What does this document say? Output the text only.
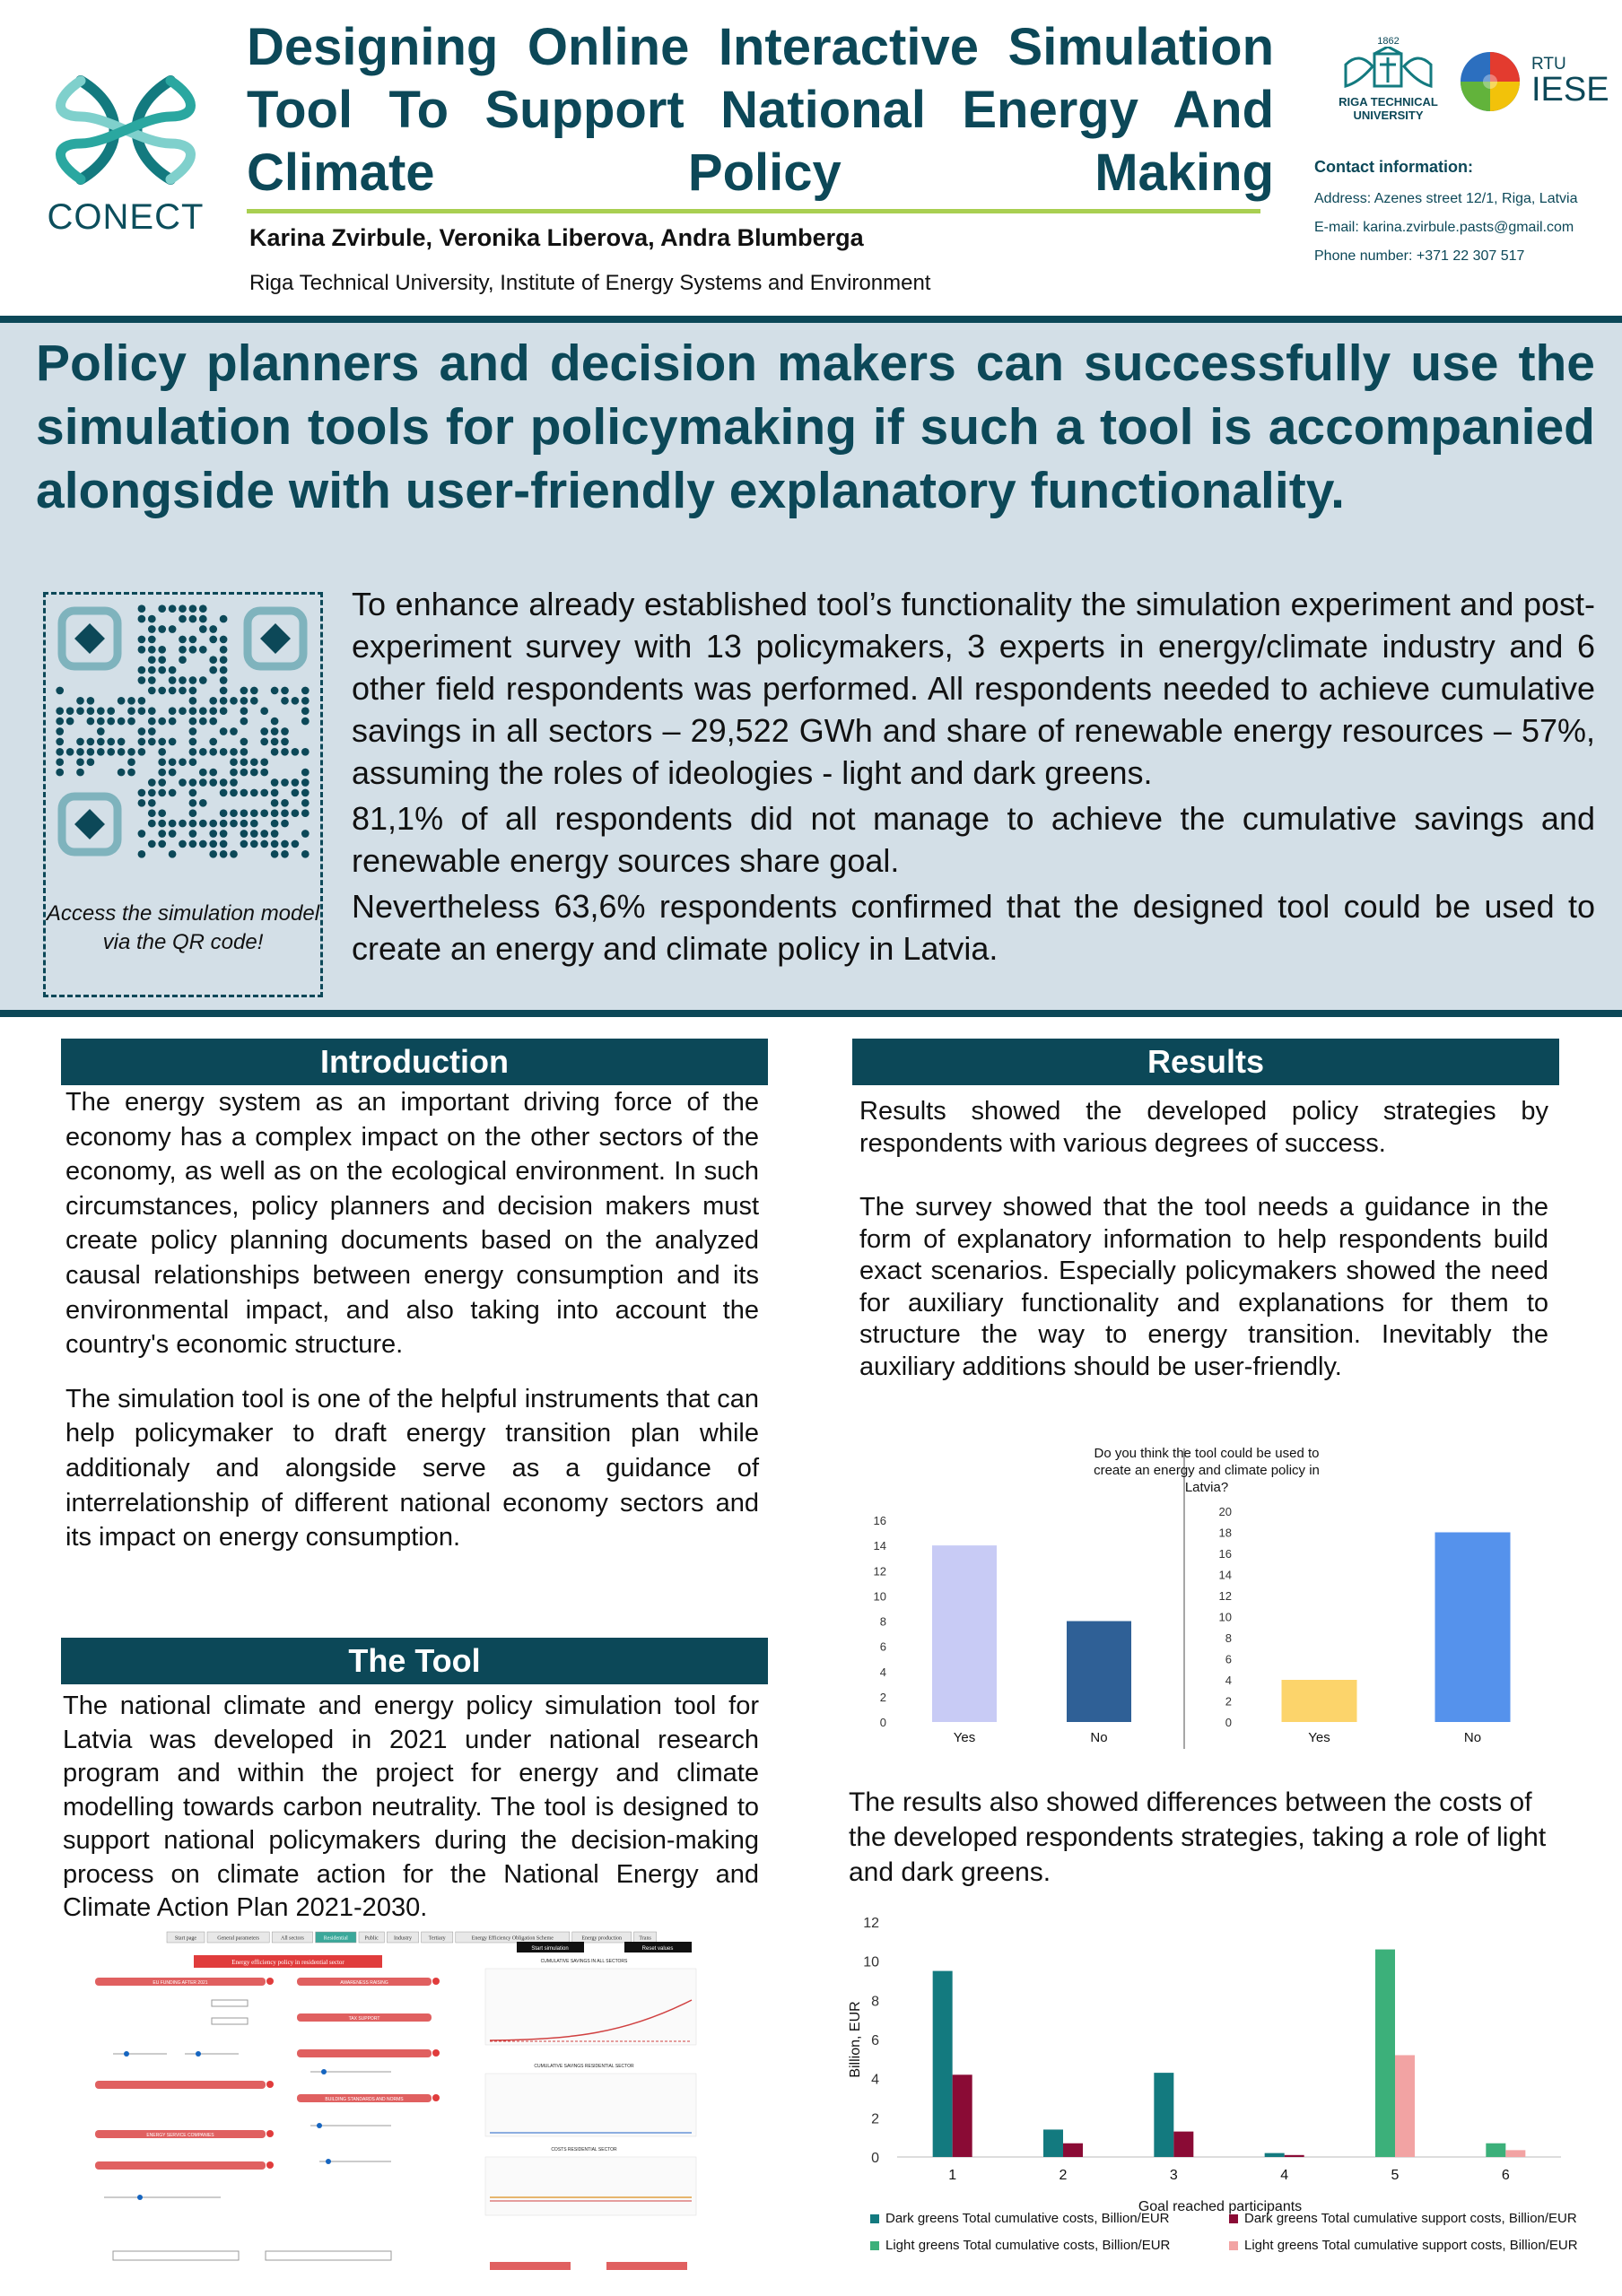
CONECT
Designing Online Interactive Simulation Tool To Support National Energy And Climate Policy Making
Karina Zvirbule, Veronika Liberova, Andra Blumberga
Riga Technical University, Institute of Energy Systems and Environment
1862
RIGA TECHNICAL
UNIVERSITY
RTU
IESE
Contact information:
Address: Azenes street 12/1, Riga, Latvia
E-mail: karina.zvirbule.pasts@gmail.com
Phone number: +371 22 307 517
Policy planners and decision makers can successfully use the simulation tools for policymaking if such a tool is accompanied alongside with user-friendly explanatory functionality.
Access the simulation model via the QR code!

To enhance already established tool’s functionality the simulation experiment and post-experiment survey with 13 policymakers, 3 experts in energy/climate industry and 6 other field respondents was performed. All respondents needed to achieve cumulative savings in all sectors – 29,522 GWh and share of renewable energy resources – 57%, assuming the roles of ideologies - light and dark greens.

81,1% of all respondents did not manage to achieve the cumulative savings and renewable energy sources share goal.

Nevertheless 63,6% respondents confirmed that the designed tool could be used to create an energy and climate policy in Latvia.

Introduction

The energy system as an important driving force of the economy has a complex impact on the other sectors of the economy, as well as on the ecological environment. In such circumstances, policy planners and decision makers must create policy planning documents based on the analyzed causal relationships between energy consumption and its environmental impact, and also taking into account the country's economic structure.

The simulation tool is one of the helpful instruments that can help policymaker to draft energy transition plan while additionaly and alongside serve as a guidance of interrelationship of different national economy sectors and its impact on energy consumption.

The Tool

The national climate and energy policy simulation tool for Latvia was developed in 2021 under national research program and within the project for energy and climate modelling towards carbon neutrality. The tool is designed to support national policymakers during the decision-making process on climate action for the National Energy and Climate Action Plan 2021-2030.

Start page	General parameters	All sectors	Residential	Public	Industry	Tertiary	Energy Efficiency Obligation Scheme	Energy production	Trans
Energy efficiency policy in residential sector
EU FUNDING AFTER 2021	AWARENESS RAISING
TAX SUPPORT
ENERGY SERVICE COMPANIES
BUILDING STANDARDS AND NORMS
Start simulation	Reset values
CUMULATIVE SAVINGS IN ALL SECTORS
CUMULATIVE SAVINGS RESIDENTIAL SECTOR
COSTS RESIDENTIAL SECTOR
Results

Results showed the developed policy strategies by respondents with various degrees of success.

The survey showed that the tool needs a guidance in the form of explanatory information to help respondents build exact scenarios. Especially policymakers showed the need for auxiliary functionality and explanations for them to structure the way to energy transition. Inevitably the auxiliary additions should be user-friendly.

Do you think the tool could be used to
create an energy and climate policy in
Latvia?
0
2
4
6
8
10
12
14
16
Yes	No
0
2
4
6
8
10
12
14
16
18
20
Yes	No
The results also showed differences between the costs of the developed respondents strategies, taking a role of light and dark greens.
0
2
4
6
8
10
12
Billion, EUR
Goal reached participants
1	2	3	4	5	6
Dark greens Total cumulative costs, Billion/EUR	Dark greens Total cumulative support costs, Billion/EUR
Light greens Total cumulative costs, Billion/EUR	Light greens Total cumulative support costs, Billion/EUR
